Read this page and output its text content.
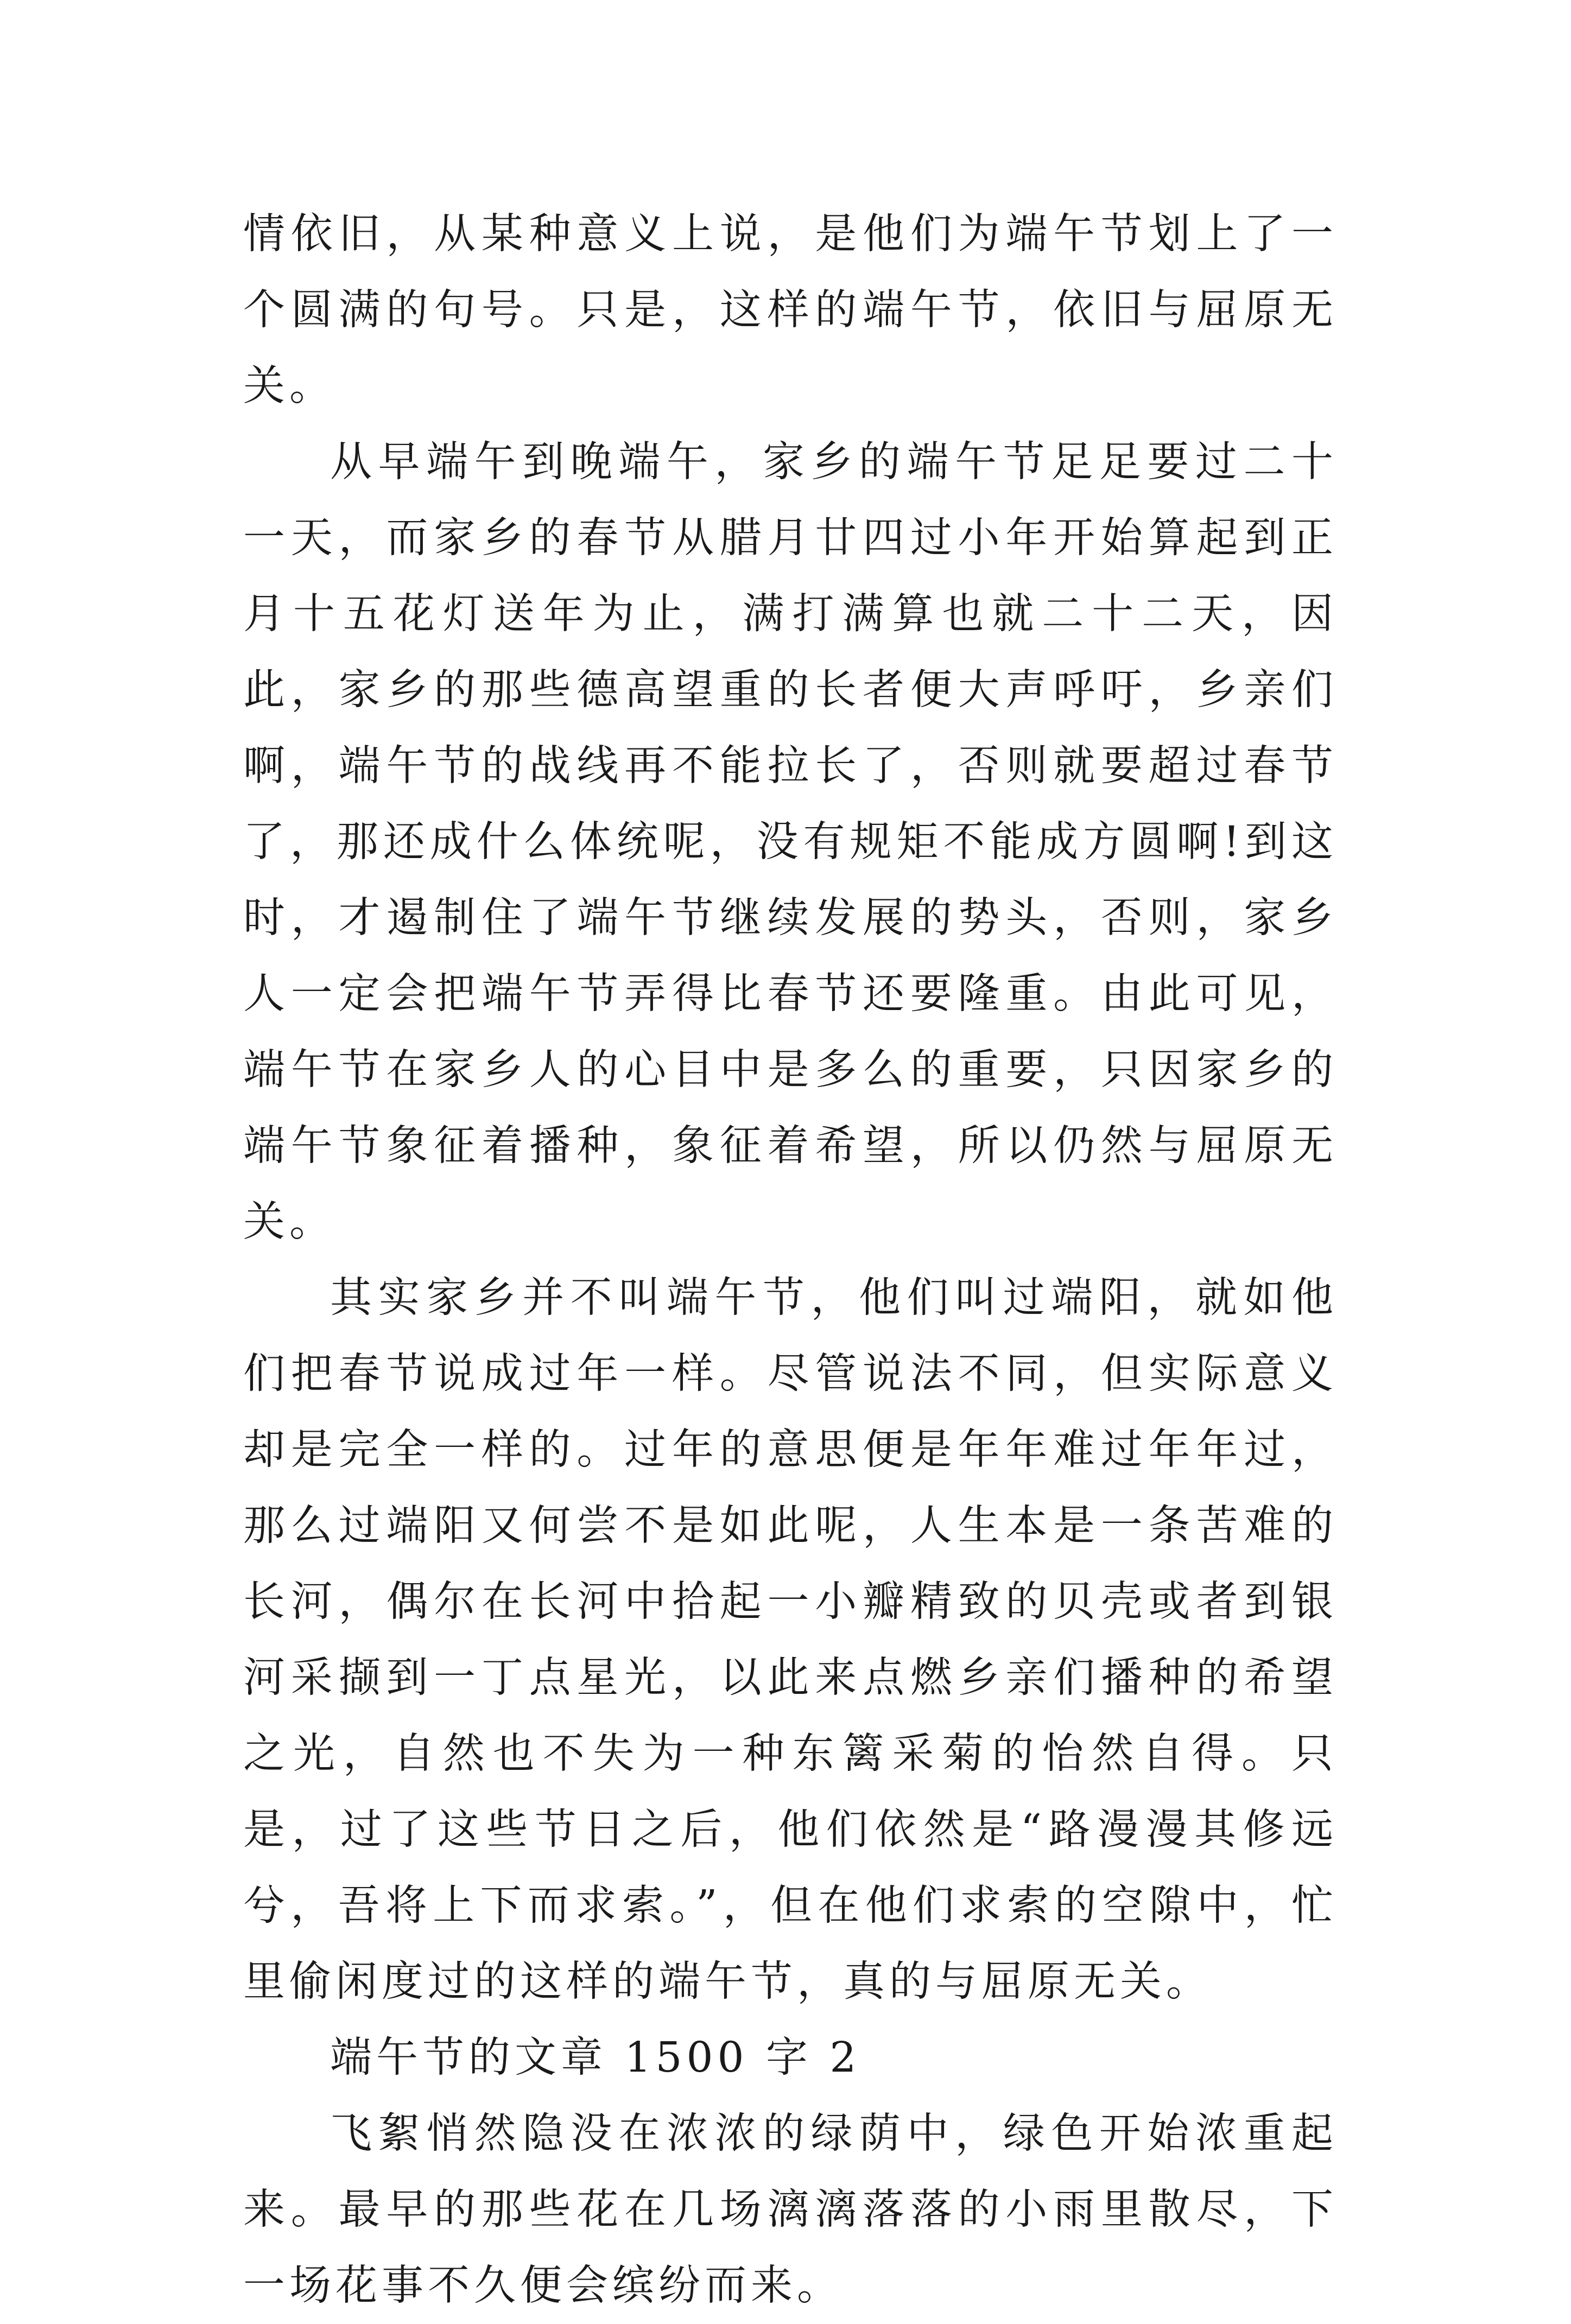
情依旧，从某种意义上说，是他们为端午节划上了一个圆满的句号。只是，这样的端午节，依旧与屈原无关。

从早端午到晚端午，家乡的端午节足足要过二十一天，而家乡的春节从腊月廿四过小年开始算起到正月十五花灯送年为止，满打满算也就二十二天，因此，家乡的那些德高望重的长者便大声呼吁，乡亲们啊，端午节的战线再不能拉长了，否则就要超过春节了，那还成什么体统呢，没有规矩不能成方圆啊!到这时，才遏制住了端午节继续发展的势头，否则，家乡人一定会把端午节弄得比春节还要隆重。由此可见，端午节在家乡人的心目中是多么的重要，只因家乡的端午节象征着播种，象征着希望，所以仍然与屈原无关。

其实家乡并不叫端午节，他们叫过端阳，就如他们把春节说成过年一样。尽管说法不同，但实际意义却是完全一样的。过年的意思便是年年难过年年过，那么过端阳又何尝不是如此呢，人生本是一条苦难的长河，偶尔在长河中拾起一小瓣精致的贝壳或者到银河采撷到一丁点星光，以此来点燃乡亲们播种的希望之光，自然也不失为一种东篱采菊的怡然自得。只是，过了这些节日之后，他们依然是“路漫漫其修远兮，吾将上下而求索。”，但在他们求索的空隙中，忙里偷闲度过的这样的端午节，真的与屈原无关。

端午节的文章 1500 字 2

飞絮悄然隐没在浓浓的绿荫中，绿色开始浓重起来。最早的那些花在几场漓漓落落的小雨里散尽，下一场花事不久便会缤纷而来。
